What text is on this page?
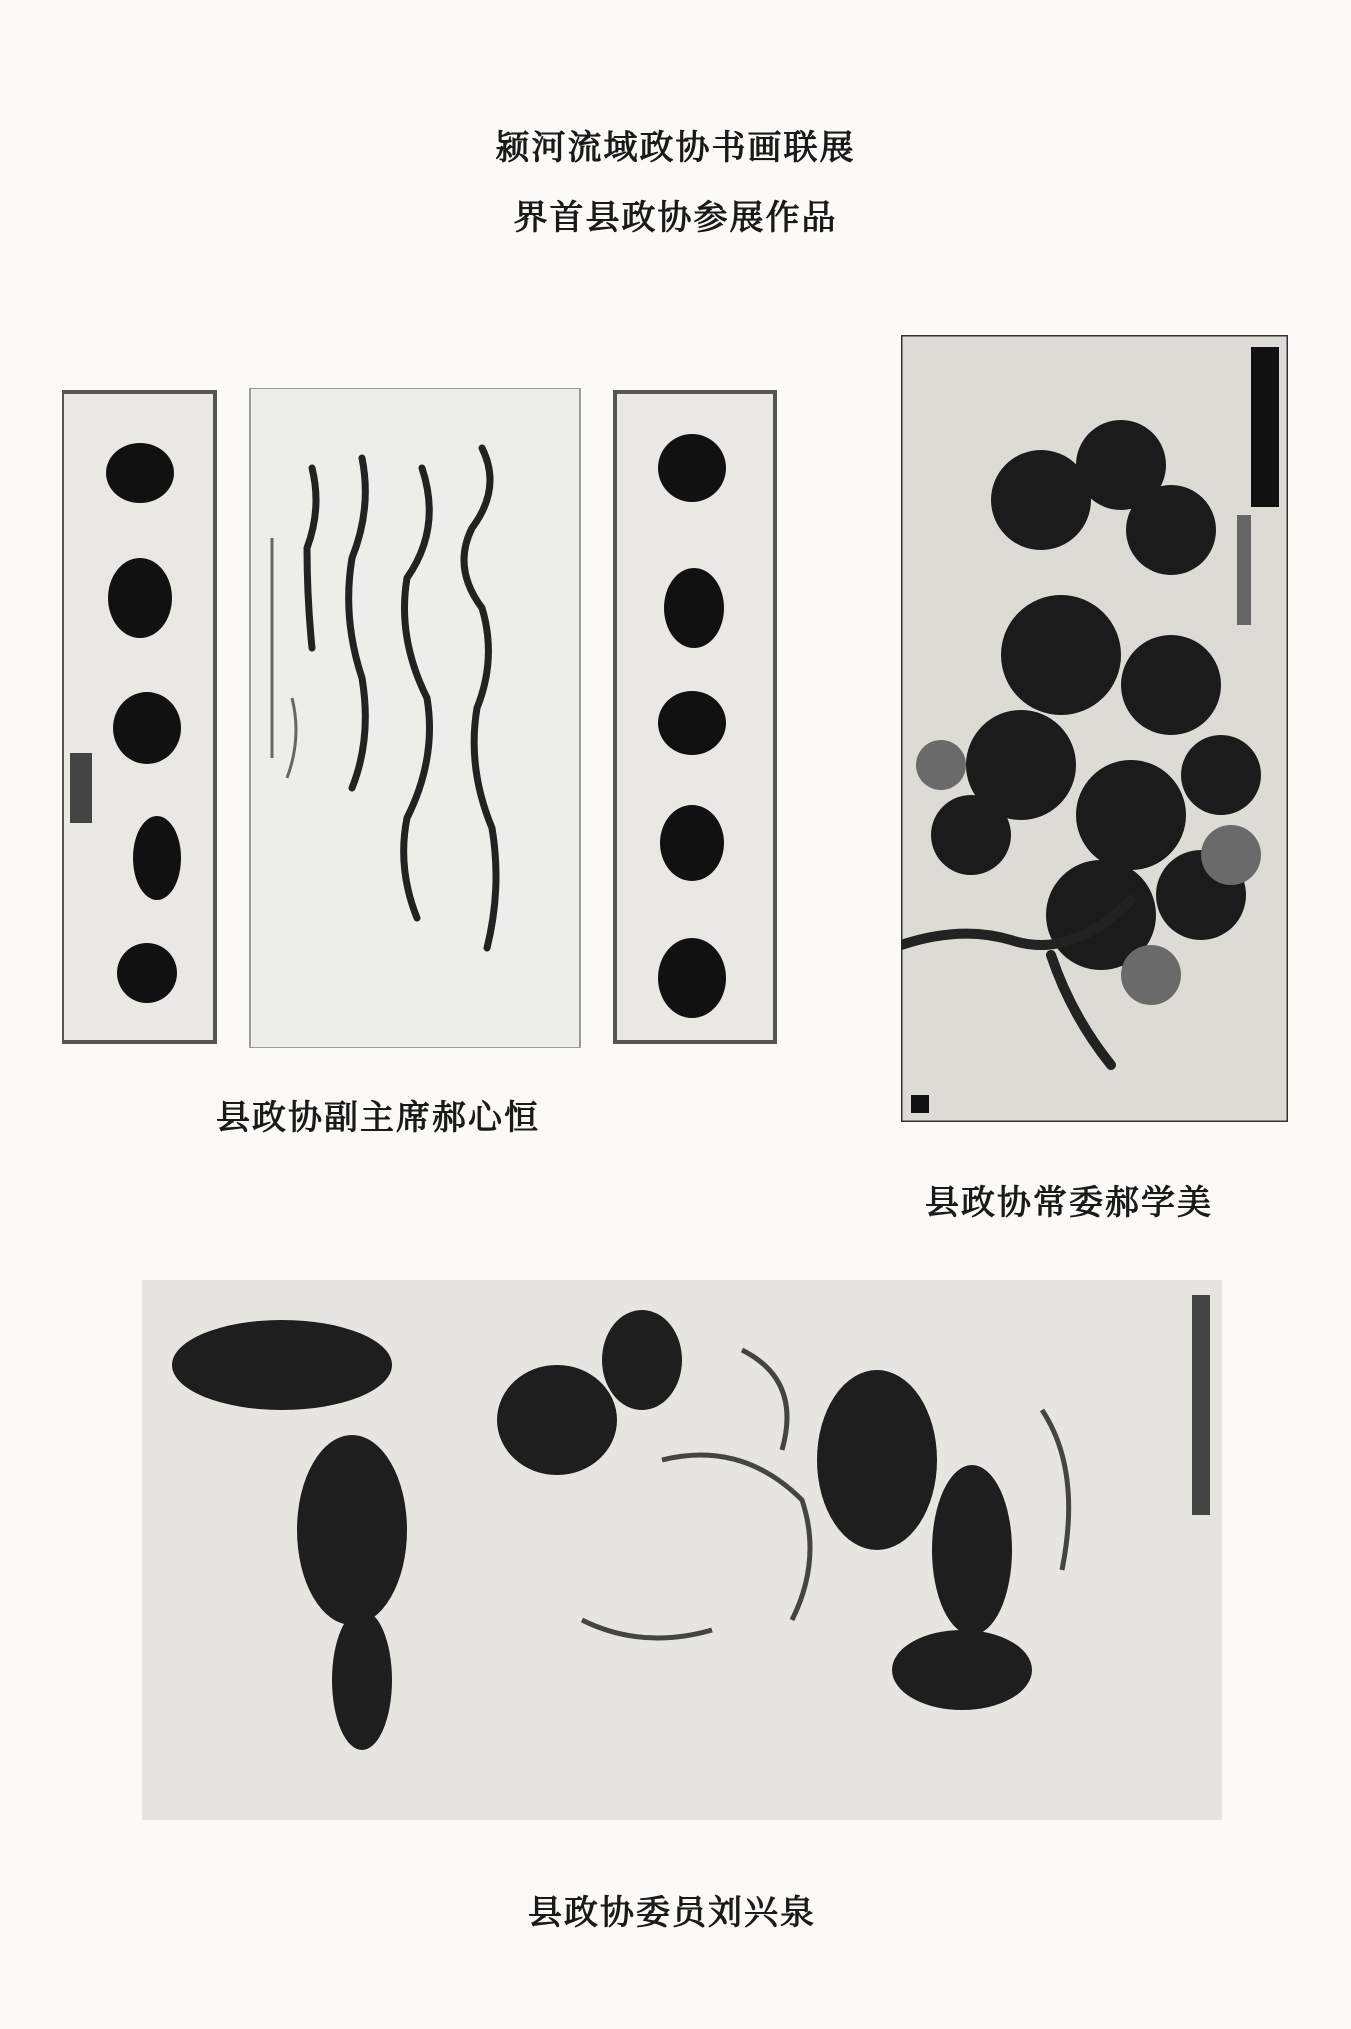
颍河流域政协书画联展
界首县政协参展作品
县政协副主席郝心恒
县政协常委郝学美
县政协委员刘兴泉
